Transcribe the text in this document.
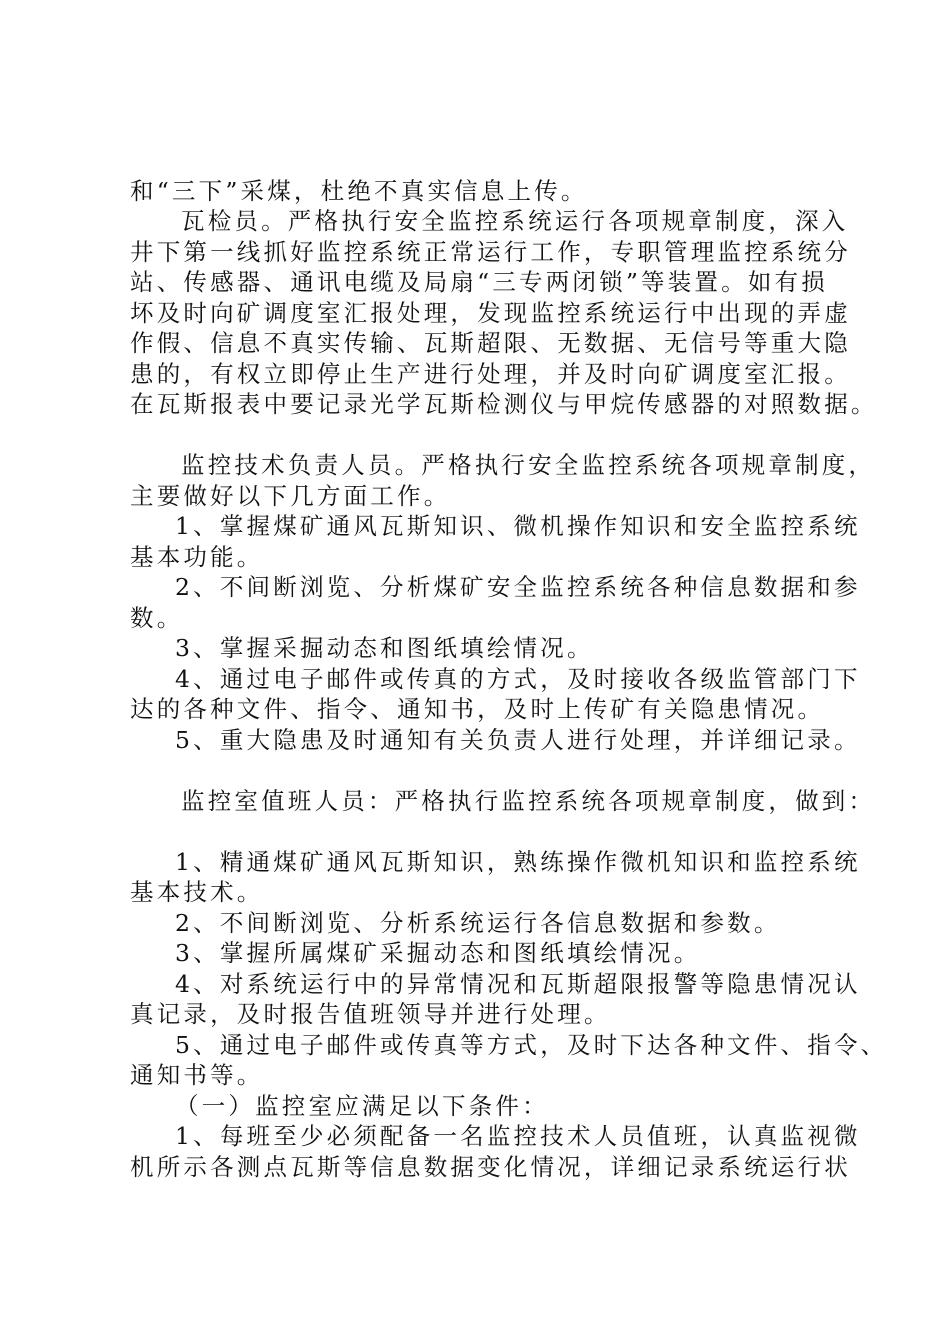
和“三下”采煤，杜绝不真实信息上传。
瓦检员。严格执行安全监控系统运行各项规章制度，深入
井下第一线抓好监控系统正常运行工作，专职管理监控系统分
站、传感器、通讯电缆及局扇“三专两闭锁”等装置。如有损
坏及时向矿调度室汇报处理，发现监控系统运行中出现的弄虚
作假、信息不真实传输、瓦斯超限、无数据、无信号等重大隐
患的，有权立即停止生产进行处理，并及时向矿调度室汇报。
在瓦斯报表中要记录光学瓦斯检测仪与甲烷传感器的对照数据。
监控技术负责人员。严格执行安全监控系统各项规章制度，
主要做好以下几方面工作。
1、掌握煤矿通风瓦斯知识、微机操作知识和安全监控系统
基本功能。
2、不间断浏览、分析煤矿安全监控系统各种信息数据和参
数。
3、掌握采掘动态和图纸填绘情况。
4、通过电子邮件或传真的方式，及时接收各级监管部门下
达的各种文件、指令、通知书，及时上传矿有关隐患情况。
5、重大隐患及时通知有关负责人进行处理，并详细记录。
监控室值班人员：严格执行监控系统各项规章制度，做到：
1、精通煤矿通风瓦斯知识，熟练操作微机知识和监控系统
基本技术。
2、不间断浏览、分析系统运行各信息数据和参数。
3、掌握所属煤矿采掘动态和图纸填绘情况。
4、对系统运行中的异常情况和瓦斯超限报警等隐患情况认
真记录，及时报告值班领导并进行处理。
5、通过电子邮件或传真等方式，及时下达各种文件、指令、
通知书等。
（一）监控室应满足以下条件：
1、每班至少必须配备一名监控技术人员值班，认真监视微
机所示各测点瓦斯等信息数据变化情况，详细记录系统运行状
